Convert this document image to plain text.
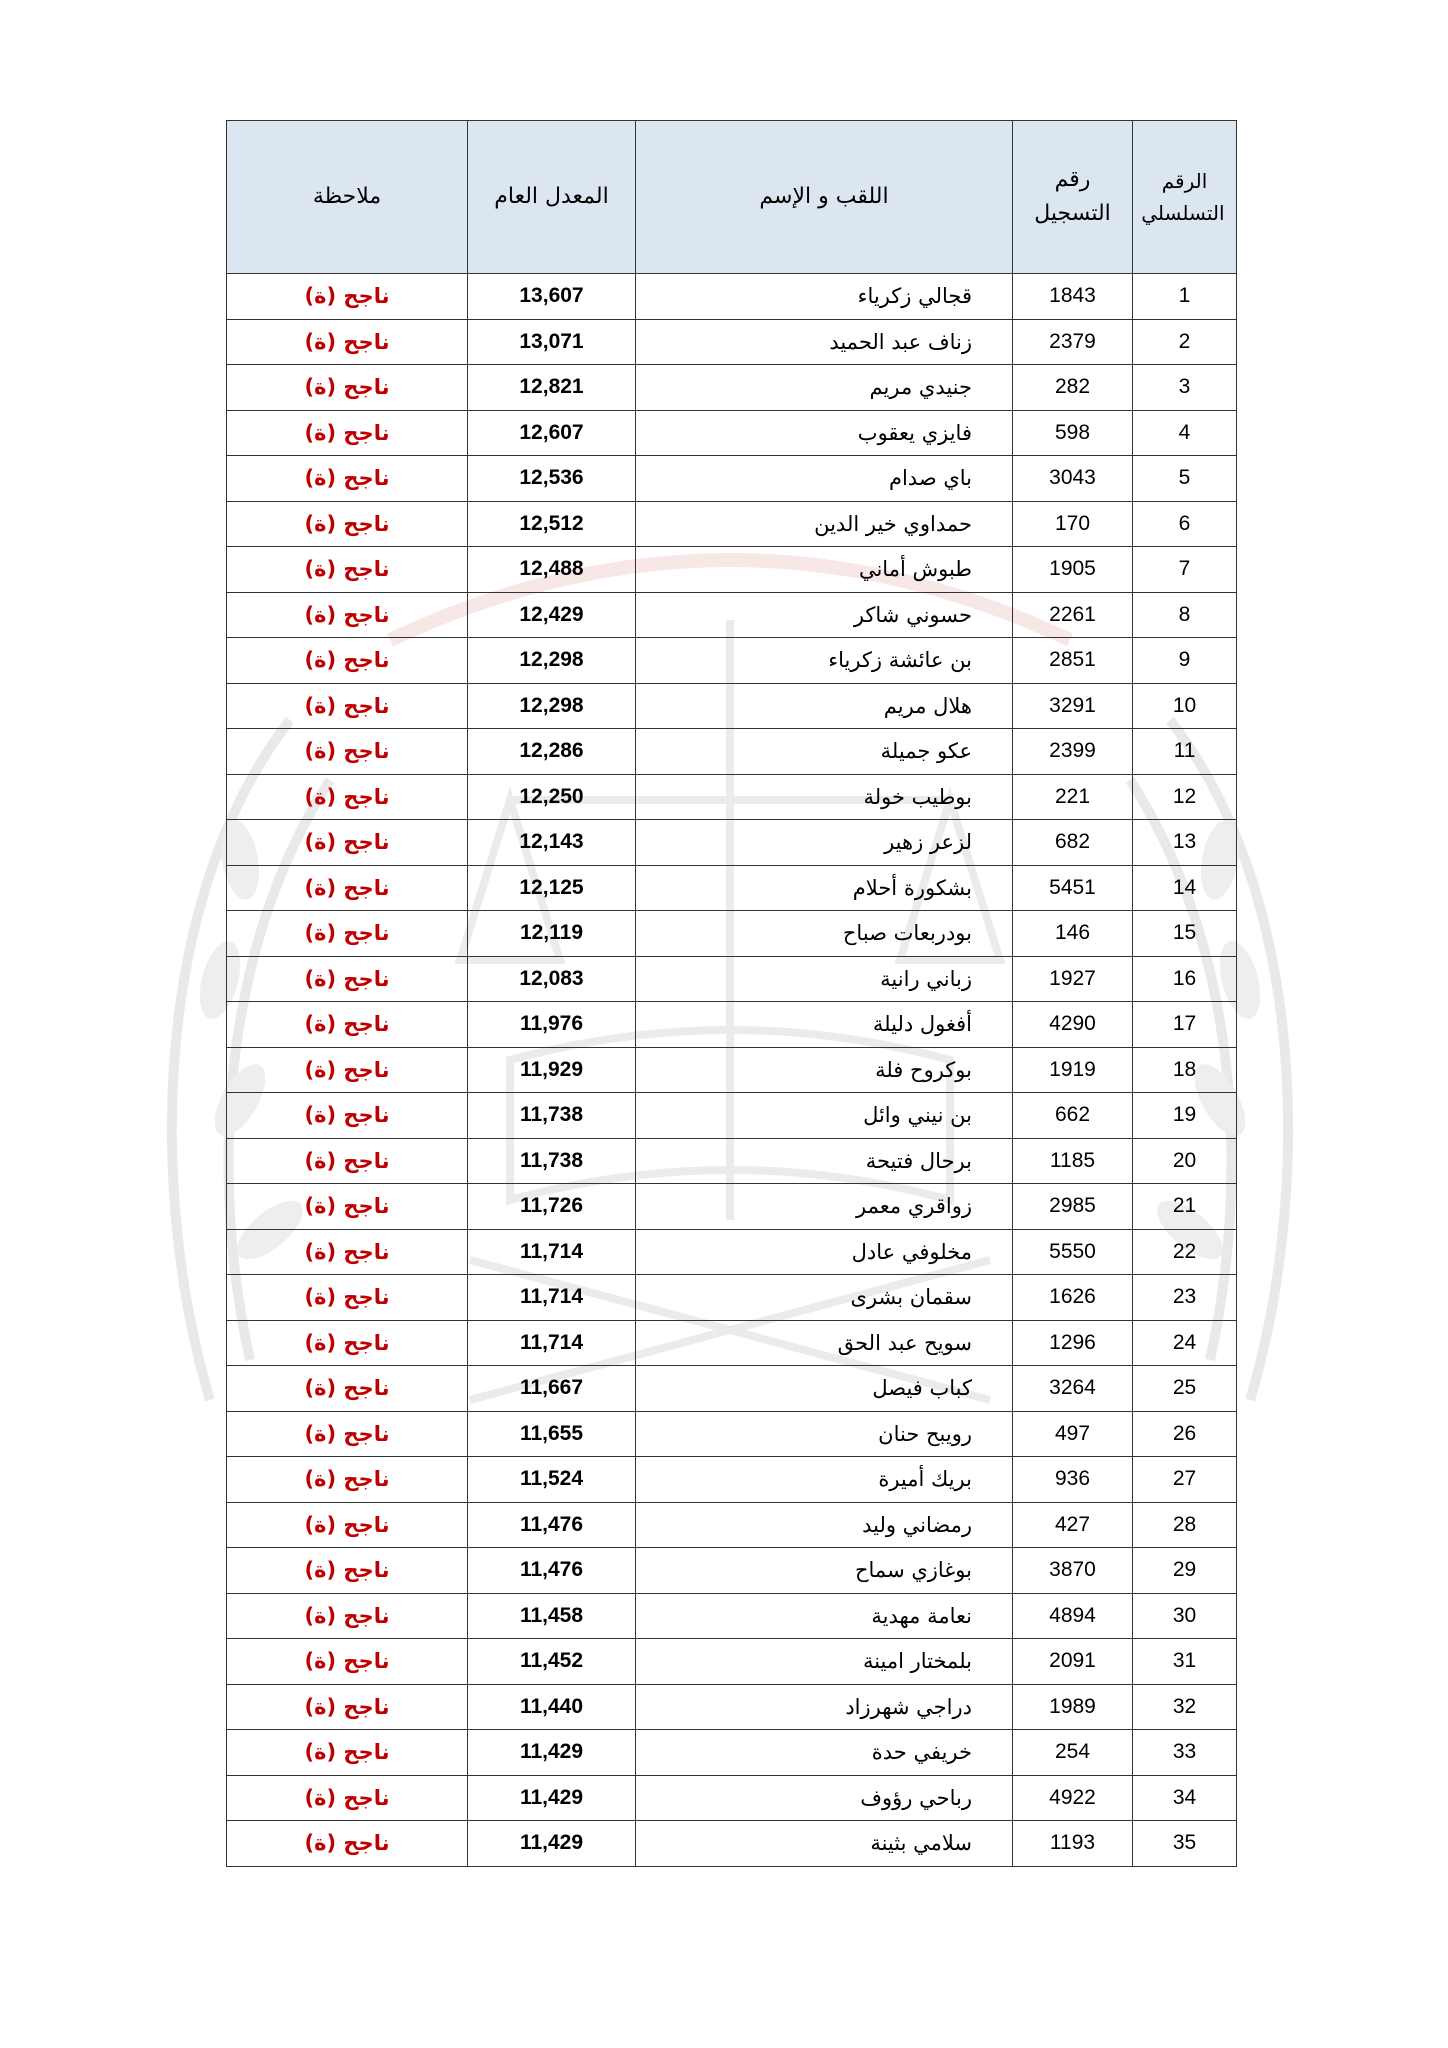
الرقم التسلسلي	رقم التسجيل	اللقب و الإسم	المعدل العام	ملاحظة
1	1843	قجالي زكرياء	13,607	ناجح (ة)
2	2379	زناف عبد الحميد	13,071	ناجح (ة)
3	282	جنيدي مريم	12,821	ناجح (ة)
4	598	فايزي يعقوب	12,607	ناجح (ة)
5	3043	باي صدام	12,536	ناجح (ة)
6	170	حمداوي خير الدين	12,512	ناجح (ة)
7	1905	طبوش أماني	12,488	ناجح (ة)
8	2261	حسوني شاكر	12,429	ناجح (ة)
9	2851	بن عائشة زكرياء	12,298	ناجح (ة)
10	3291	هلال مريم	12,298	ناجح (ة)
11	2399	عكو جميلة	12,286	ناجح (ة)
12	221	بوطيب خولة	12,250	ناجح (ة)
13	682	لزعر زهير	12,143	ناجح (ة)
14	5451	بشكورة أحلام	12,125	ناجح (ة)
15	146	بودربعات صباح	12,119	ناجح (ة)
16	1927	زباني رانية	12,083	ناجح (ة)
17	4290	أفغول دليلة	11,976	ناجح (ة)
18	1919	بوكروح فلة	11,929	ناجح (ة)
19	662	بن نيني وائل	11,738	ناجح (ة)
20	1185	برحال فتيحة	11,738	ناجح (ة)
21	2985	زواقري معمر	11,726	ناجح (ة)
22	5550	مخلوفي عادل	11,714	ناجح (ة)
23	1626	سقمان بشرى	11,714	ناجح (ة)
24	1296	سويح عبد الحق	11,714	ناجح (ة)
25	3264	كباب فيصل	11,667	ناجح (ة)
26	497	رويبح حنان	11,655	ناجح (ة)
27	936	بريك أميرة	11,524	ناجح (ة)
28	427	رمضاني وليد	11,476	ناجح (ة)
29	3870	بوغازي سماح	11,476	ناجح (ة)
30	4894	نعامة مهدية	11,458	ناجح (ة)
31	2091	بلمختار امينة	11,452	ناجح (ة)
32	1989	دراجي شهرزاد	11,440	ناجح (ة)
33	254	خريفي حدة	11,429	ناجح (ة)
34	4922	رباحي رؤوف	11,429	ناجح (ة)
35	1193	سلامي بثينة	11,429	ناجح (ة)
